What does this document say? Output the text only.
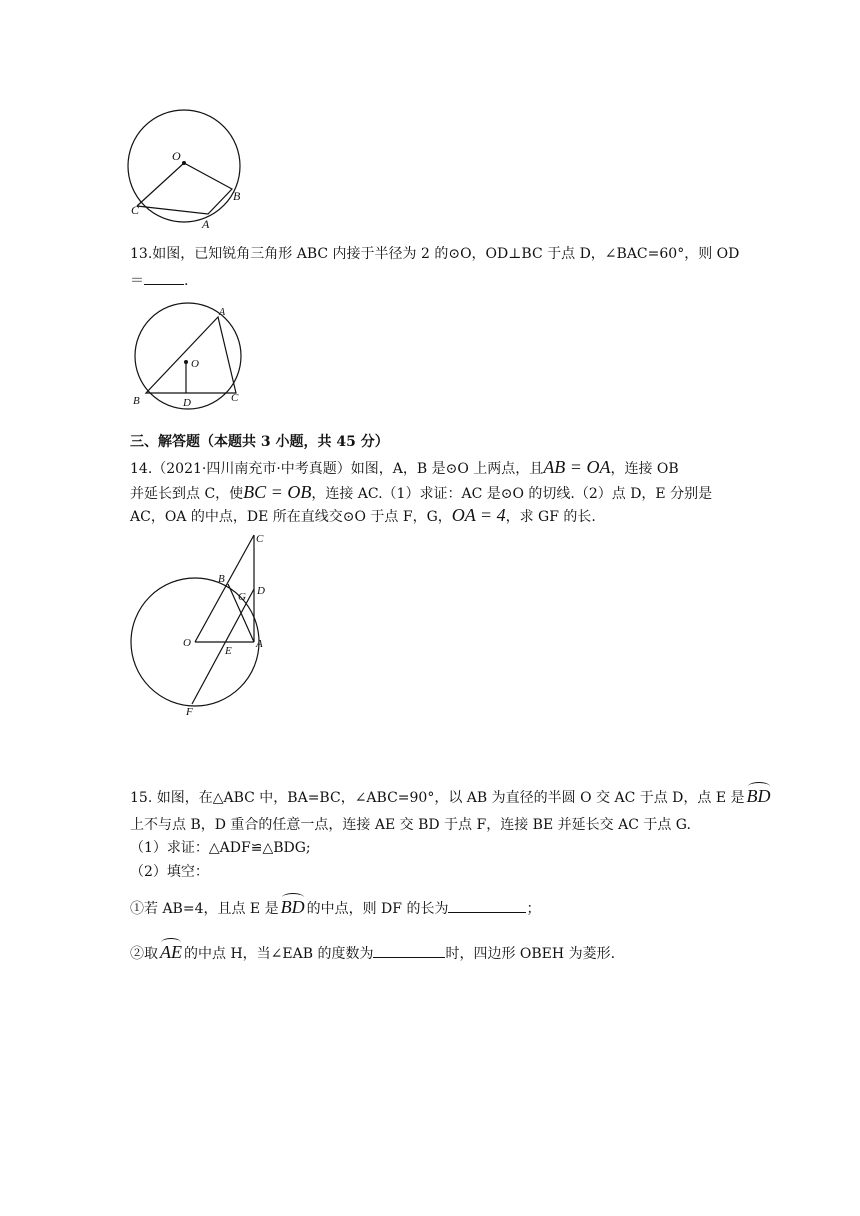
O
B
C
A
13.如图，已知锐角三角形 ABC 内接于半径为 2 的⊙O，OD⊥BC 于点 D，∠BAC=60°，则 OD
＝	.
A
O
B	D	C
三、解答题（本题共 3 小题，共 45 分）
14.（2021·四川南充市·中考真题）如图，A，B 是⊙O 上两点，且AB = OA，连接 OB
并延长到点 C，使BC = OB，连接 AC.（1）求证：AC 是⊙O 的切线.（2）点 D，E 分别是
AC，OA 的中点，DE 所在直线交⊙O 于点 F，G，OA = 4，求 GF 的长.
C
B
G D
O
E
A
F
15. 如图，在△ABC 中，BA=BC，∠ABC=90°，以 AB 为直径的半圆 O 交 AC 于点 D，点 E 是 BD
上不与点 B，D 重合的任意一点，连接 AE 交 BD 于点 F，连接 BE 并延长交 AC 于点 G.
（1）求证：△ADF≌△BDG;
（2）填空：
①若 AB=4，且点 E 是 BD 的中点，则 DF 的长为	；
②取 AE 的中点 H，当∠EAB 的度数为	时，四边形 OBEH 为菱形.
